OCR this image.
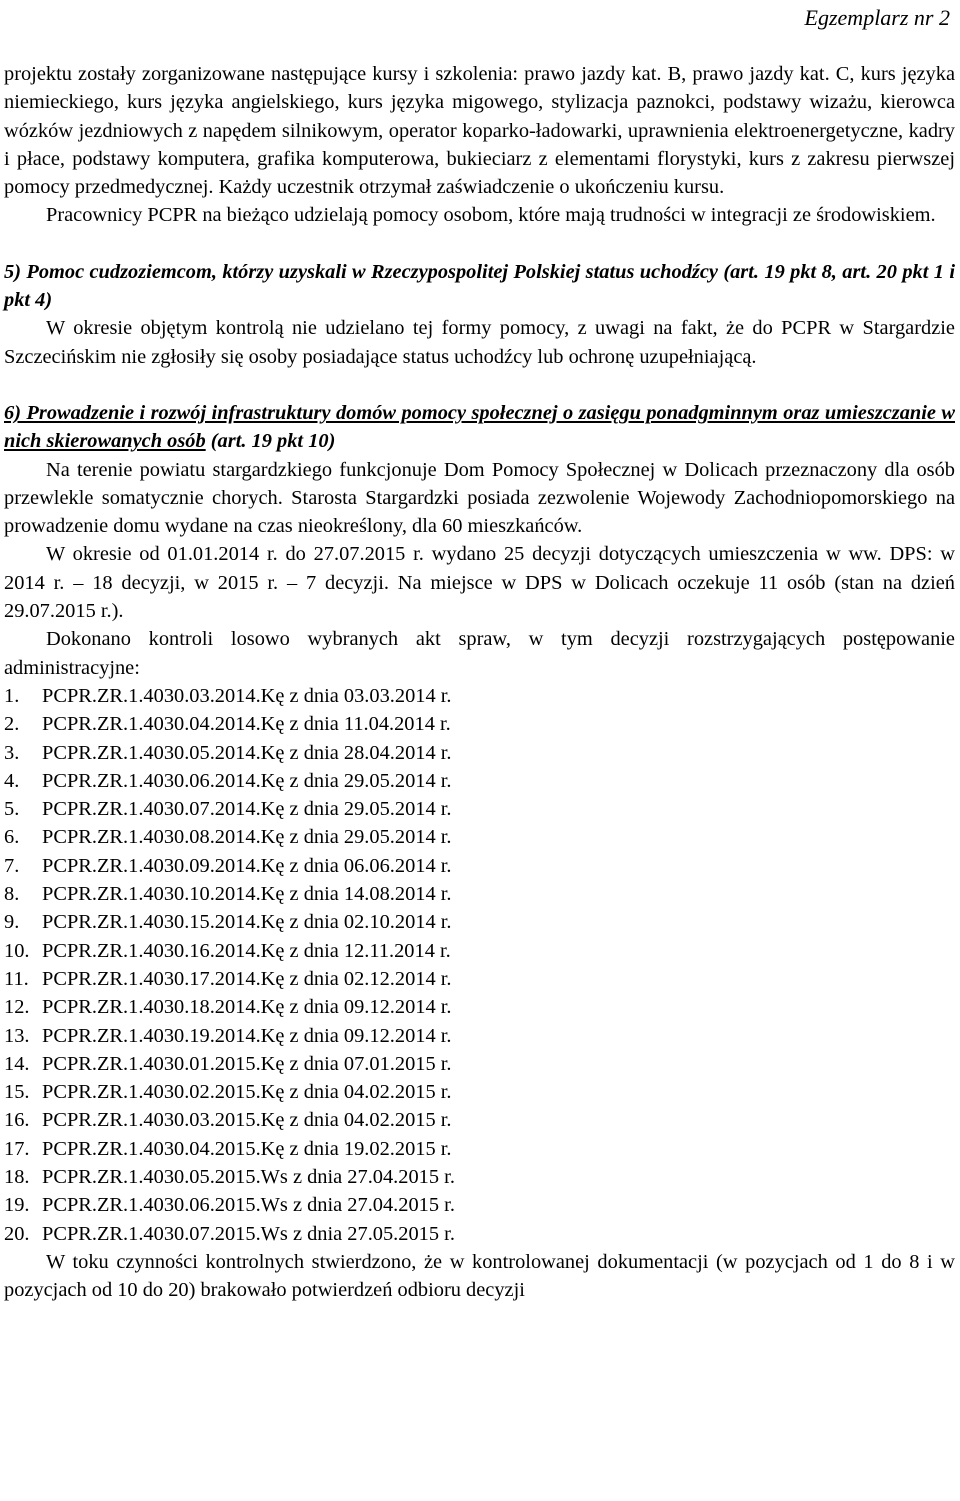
Egzemplarz nr 2

projektu zostały zorganizowane następujące kursy i szkolenia: prawo jazdy kat. B, prawo jazdy kat. C, kurs języka niemieckiego, kurs języka angielskiego, kurs języka migowego, stylizacja paznokci, podstawy wizażu, kierowca wózków jezdniowych z napędem silnikowym, operator koparko-ładowarki, uprawnienia elektroenergetyczne, kadry i płace, podstawy komputera, grafika komputerowa, bukieciarz z elementami florystyki, kurs z zakresu pierwszej pomocy przedmedycznej. Każdy uczestnik otrzymał zaświadczenie o ukończeniu kursu.

Pracownicy PCPR na bieżąco udzielają pomocy osobom, które mają trudności w integracji ze środowiskiem.

5) Pomoc cudzoziemcom, którzy uzyskali w Rzeczypospolitej Polskiej status uchodźcy (art. 19 pkt 8, art. 20 pkt 1 i pkt 4)

W okresie objętym kontrolą nie udzielano tej formy pomocy, z uwagi na fakt, że do PCPR w Stargardzie Szczecińskim nie zgłosiły się osoby posiadające status uchodźcy lub ochronę uzupełniającą.

6) Prowadzenie i rozwój infrastruktury domów pomocy społecznej o zasięgu ponadgminnym oraz umieszczanie w nich skierowanych osób (art. 19 pkt 10)

Na terenie powiatu stargardzkiego funkcjonuje Dom Pomocy Społecznej w Dolicach przeznaczony dla osób przewlekle somatycznie chorych. Starosta Stargardzki posiada zezwolenie Wojewody Zachodniopomorskiego na prowadzenie domu wydane na czas nieokreślony, dla 60 mieszkańców.

W okresie od 01.01.2014 r. do 27.07.2015 r. wydano 25 decyzji dotyczących umieszczenia w ww. DPS: w 2014 r. – 18 decyzji, w 2015 r. – 7 decyzji. Na miejsce w DPS w Dolicach oczekuje 11 osób (stan na dzień 29.07.2015 r.).

Dokonano kontroli losowo wybranych akt spraw, w tym decyzji rozstrzygających postępowanie administracyjne:

1.	PCPR.ZR.1.4030.03.2014.Kę z dnia 03.03.2014 r.
2.	PCPR.ZR.1.4030.04.2014.Kę z dnia 11.04.2014 r.
3.	PCPR.ZR.1.4030.05.2014.Kę z dnia 28.04.2014 r.
4.	PCPR.ZR.1.4030.06.2014.Kę z dnia 29.05.2014 r.
5.	PCPR.ZR.1.4030.07.2014.Kę z dnia 29.05.2014 r.
6.	PCPR.ZR.1.4030.08.2014.Kę z dnia 29.05.2014 r.
7.	PCPR.ZR.1.4030.09.2014.Kę z dnia 06.06.2014 r.
8.	PCPR.ZR.1.4030.10.2014.Kę z dnia 14.08.2014 r.
9.	PCPR.ZR.1.4030.15.2014.Kę z dnia 02.10.2014 r.
10. PCPR.ZR.1.4030.16.2014.Kę z dnia 12.11.2014 r.
11. PCPR.ZR.1.4030.17.2014.Kę z dnia 02.12.2014 r.
12. PCPR.ZR.1.4030.18.2014.Kę z dnia 09.12.2014 r.
13. PCPR.ZR.1.4030.19.2014.Kę z dnia 09.12.2014 r.
14. PCPR.ZR.1.4030.01.2015.Kę z dnia 07.01.2015 r.
15. PCPR.ZR.1.4030.02.2015.Kę z dnia 04.02.2015 r.
16. PCPR.ZR.1.4030.03.2015.Kę z dnia 04.02.2015 r.
17. PCPR.ZR.1.4030.04.2015.Kę z dnia 19.02.2015 r.
18. PCPR.ZR.1.4030.05.2015.Ws z dnia 27.04.2015 r.
19. PCPR.ZR.1.4030.06.2015.Ws z dnia 27.04.2015 r.
20. PCPR.ZR.1.4030.07.2015.Ws z dnia 27.05.2015 r.

W toku czynności kontrolnych stwierdzono, że w kontrolowanej dokumentacji (w pozycjach od 1 do 8 i w pozycjach od 10 do 20) brakowało potwierdzeń odbioru decyzji
